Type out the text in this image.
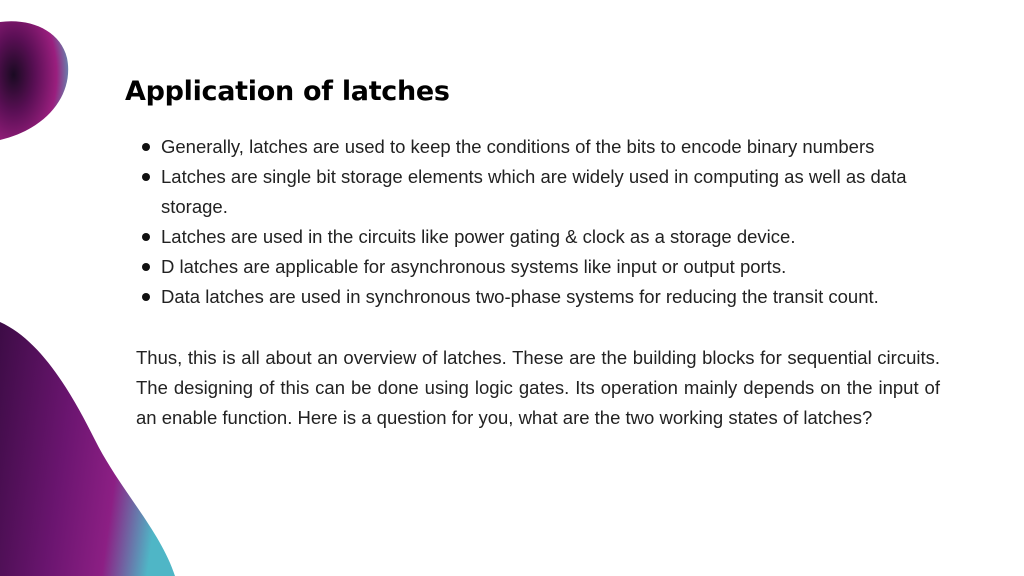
Application of latches
Generally, latches are used to keep the conditions of the bits to encode binary numbers
Latches are single bit storage elements which are widely used in computing as well as data storage.
Latches are used in the circuits like power gating & clock as a storage device.
D latches are applicable for asynchronous systems like input or output ports.
Data latches are used in synchronous two-phase systems for reducing the transit count.

Thus, this is all about an overview of latches. These are the building blocks for sequential circuits. The designing of this can be done using logic gates. Its operation mainly depends on the input of an enable function. Here is a question for you, what are the two working states of latches?
